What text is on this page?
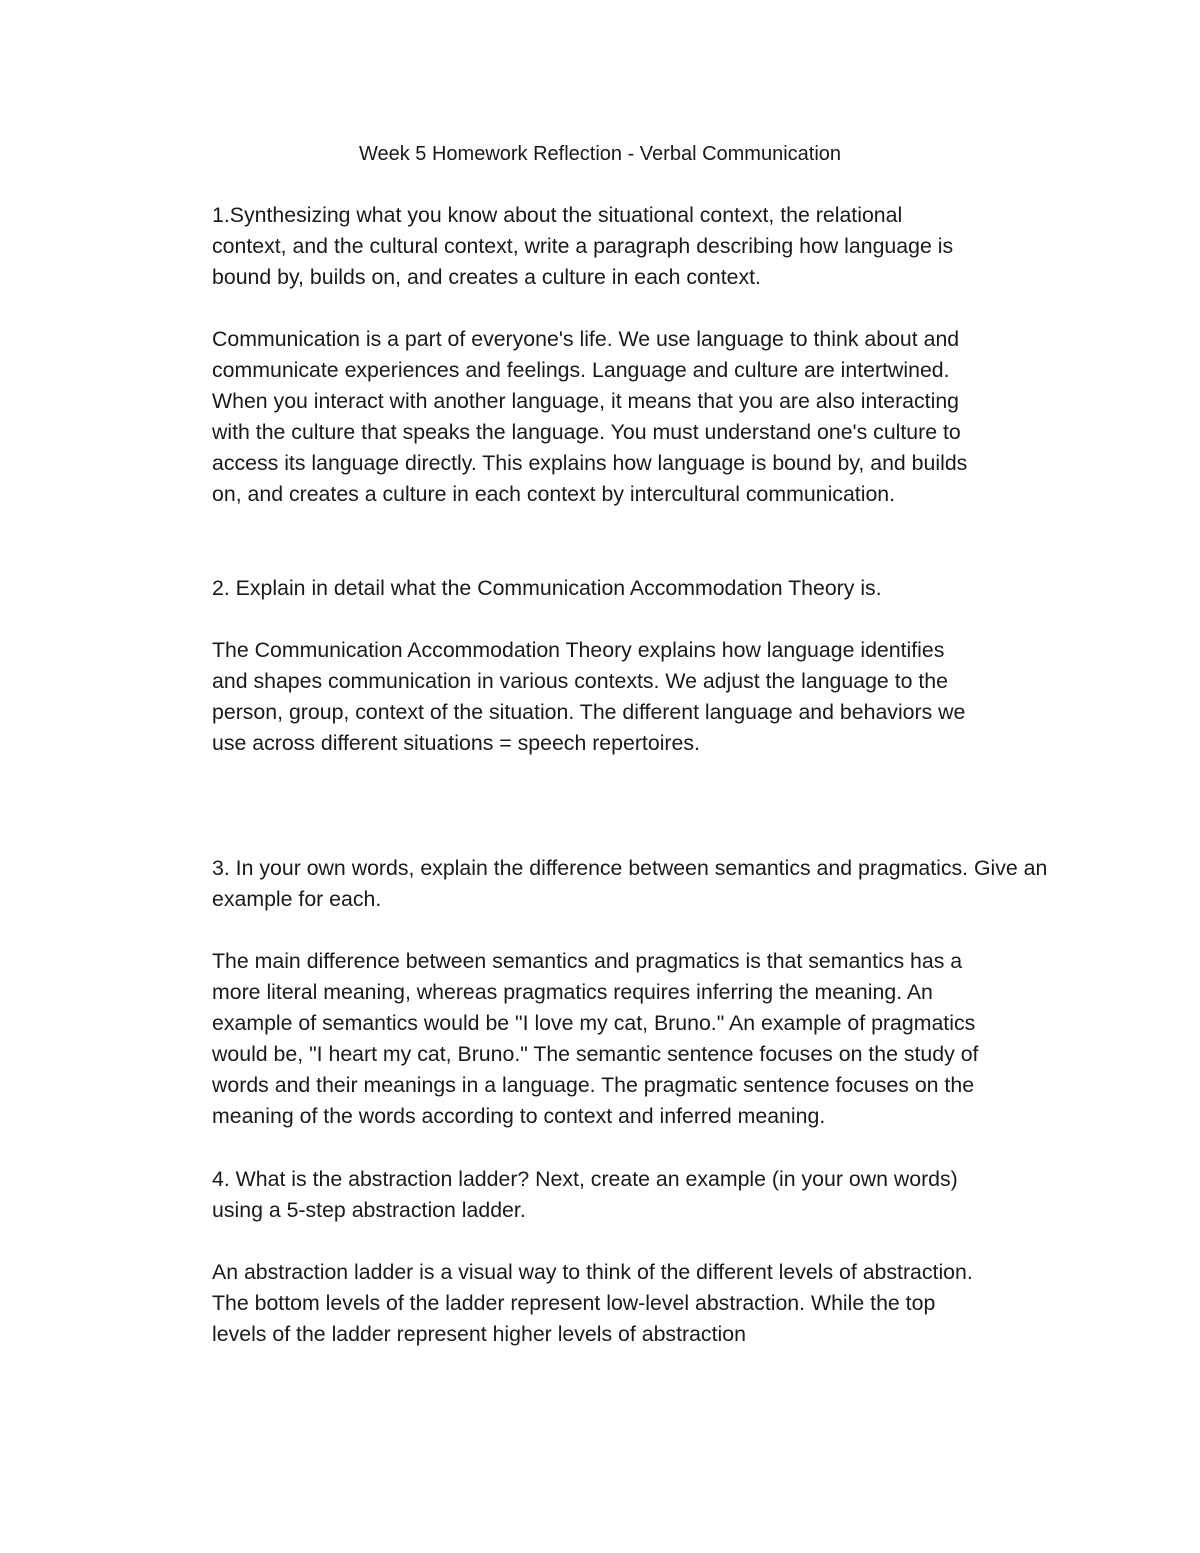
Week 5 Homework Reflection - Verbal Communication

1.Synthesizing what you know about the situational context, the relational
context, and the cultural context, write a paragraph describing how language is
bound by, builds on, and creates a culture in each context.

Communication is a part of everyone's life. We use language to think about and
communicate experiences and feelings. Language and culture are intertwined.
When you interact with another language, it means that you are also interacting
with the culture that speaks the language. You must understand one's culture to
access its language directly. This explains how language is bound by, and builds
on, and creates a culture in each context by intercultural communication.

2. Explain in detail what the Communication Accommodation Theory is.

The Communication Accommodation Theory explains how language identifies
and shapes communication in various contexts. We adjust the language to the
person, group, context of the situation. The different language and behaviors we
use across different situations = speech repertoires.

3. In your own words, explain the difference between semantics and pragmatics. Give an
example for each.

The main difference between semantics and pragmatics is that semantics has a
more literal meaning, whereas pragmatics requires inferring the meaning. An
example of semantics would be "I love my cat, Bruno." An example of pragmatics
would be, "I heart my cat, Bruno." The semantic sentence focuses on the study of
words and their meanings in a language. The pragmatic sentence focuses on the
meaning of the words according to context and inferred meaning.

4. What is the abstraction ladder? Next, create an example (in your own words)
using a 5-step abstraction ladder.

An abstraction ladder is a visual way to think of the different levels of abstraction.
The bottom levels of the ladder represent low-level abstraction. While the top
levels of the ladder represent higher levels of abstraction
